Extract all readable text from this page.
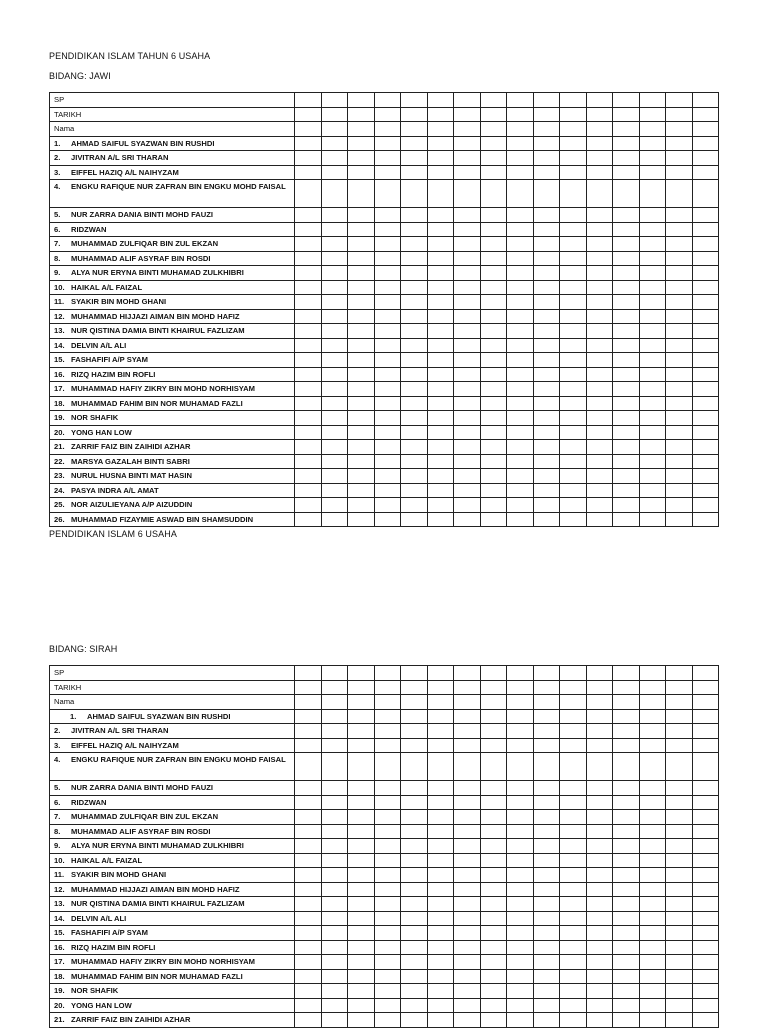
PENDIDIKAN ISLAM TAHUN 6 USAHA
BIDANG: JAWI
SP																
TARIKH																
Nama																
1. AHMAD SAIFUL SYAZWAN BIN RUSHDI																
2. JIVITRAN A/L SRI THARAN																
3. EIFFEL HAZIQ A/L NAIHYZAM																
4. ENGKU RAFIQUE NUR ZAFRAN BIN ENGKU MOHD FAISAL																
5. NUR ZARRA DANIA BINTI MOHD FAUZI																
6. RIDZWAN																
7. MUHAMMAD ZULFIQAR BIN ZUL EKZAN																
8. MUHAMMAD ALIF ASYRAF BIN ROSDI																
9. ALYA NUR ERYNA BINTI MUHAMAD ZULKHIBRI																
10. HAIKAL A/L FAIZAL																
11. SYAKIR BIN MOHD GHANI																
12. MUHAMMAD HIJJAZI AIMAN BIN MOHD HAFIZ																
13. NUR QISTINA DAMIA BINTI KHAIRUL FAZLIZAM																
14. DELVIN A/L ALI																
15. FASHAFIFI A/P SYAM																
16. RIZQ HAZIM BIN ROFLI																
17. MUHAMMAD HAFIY ZIKRY BIN MOHD NORHISYAM																
18. MUHAMMAD FAHIM BIN NOR MUHAMAD FAZLI																
19. NOR SHAFIK																
20. YONG HAN LOW																
21. ZARRIF FAIZ BIN ZAIHIDI AZHAR																
22. MARSYA GAZALAH BINTI SABRI																
23. NURUL HUSNA BINTI MAT HASIN																
24. PASYA INDRA A/L AMAT																
25. NOR AIZULIEYANA A/P AIZUDDIN																
26. MUHAMMAD FIZAYMIE ASWAD BIN SHAMSUDDIN																
PENDIDIKAN ISLAM 6 USAHA
BIDANG: SIRAH
SP																
TARIKH																
Nama																
1. AHMAD SAIFUL SYAZWAN BIN RUSHDI																
2. JIVITRAN A/L SRI THARAN																
3. EIFFEL HAZIQ A/L NAIHYZAM																
4. ENGKU RAFIQUE NUR ZAFRAN BIN ENGKU MOHD FAISAL																
5. NUR ZARRA DANIA BINTI MOHD FAUZI																
6. RIDZWAN																
7. MUHAMMAD ZULFIQAR BIN ZUL EKZAN																
8. MUHAMMAD ALIF ASYRAF BIN ROSDI																
9. ALYA NUR ERYNA BINTI MUHAMAD ZULKHIBRI																
10. HAIKAL A/L FAIZAL																
11. SYAKIR BIN MOHD GHANI																
12. MUHAMMAD HIJJAZI AIMAN BIN MOHD HAFIZ																
13. NUR QISTINA DAMIA BINTI KHAIRUL FAZLIZAM																
14. DELVIN A/L ALI																
15. FASHAFIFI A/P SYAM																
16. RIZQ HAZIM BIN ROFLI																
17. MUHAMMAD HAFIY ZIKRY BIN MOHD NORHISYAM																
18. MUHAMMAD FAHIM BIN NOR MUHAMAD FAZLI																
19. NOR SHAFIK																
20. YONG HAN LOW																
21. ZARRIF FAIZ BIN ZAIHIDI AZHAR																
